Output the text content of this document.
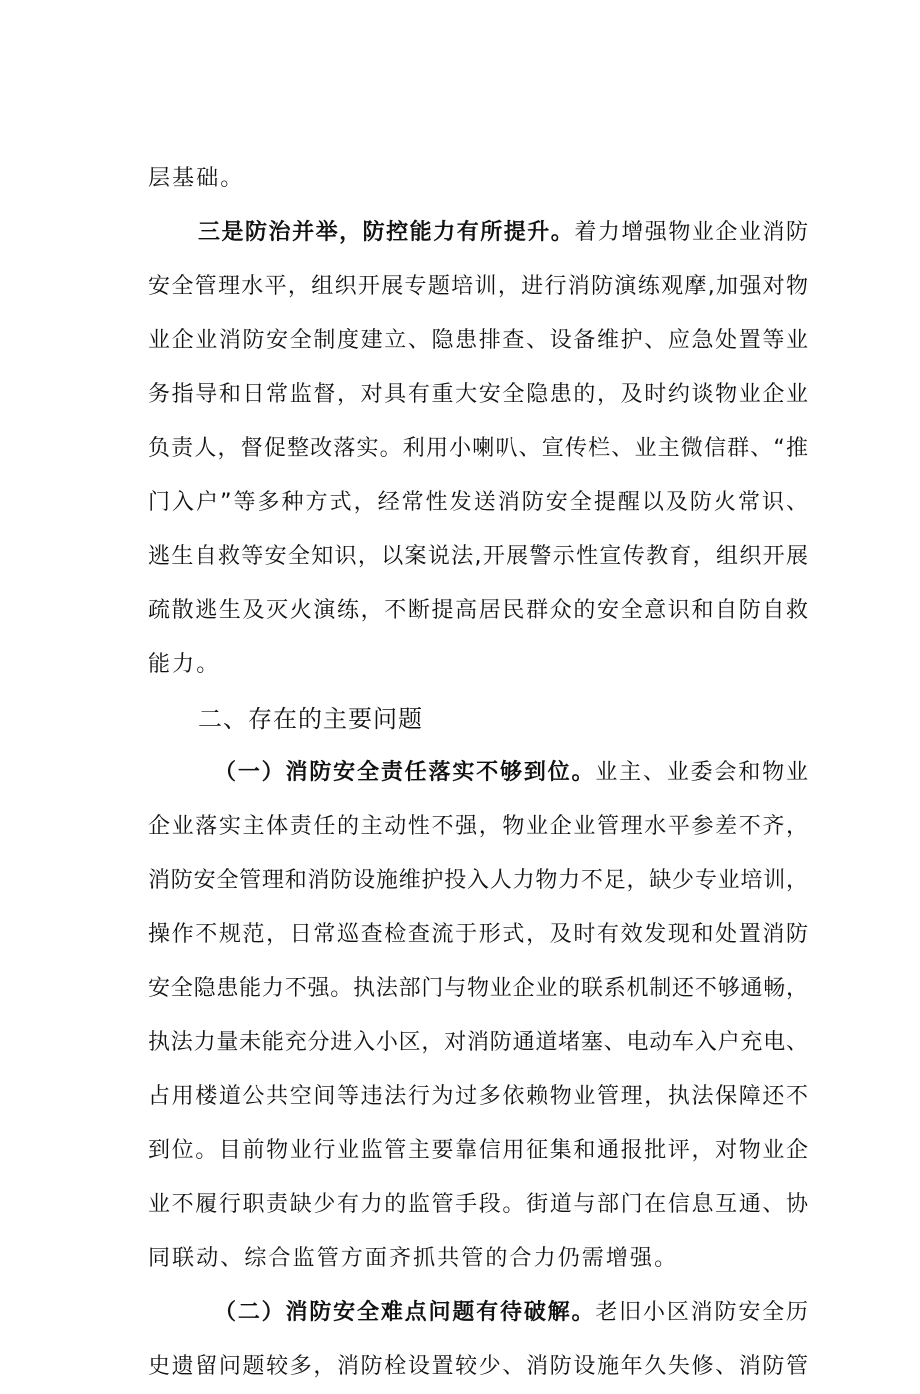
层基础。
三是防治并举，防控能力有所提升。着力增强物业企业消防
安全管理水平，组织开展专题培训，进行消防演练观摩,加强对物
业企业消防安全制度建立、隐患排查、设备维护、应急处置等业
务指导和日常监督，对具有重大安全隐患的，及时约谈物业企业
负责人，督促整改落实。利用小喇叭、宣传栏、业主微信群、“推
门入户”等多种方式，经常性发送消防安全提醒以及防火常识、
逃生自救等安全知识，以案说法,开展警示性宣传教育，组织开展
疏散逃生及灭火演练，不断提高居民群众的安全意识和自防自救
能力。
二、存在的主要问题
（一）消防安全责任落实不够到位。业主、业委会和物业
企业落实主体责任的主动性不强，物业企业管理水平参差不齐，
消防安全管理和消防设施维护投入人力物力不足，缺少专业培训，
操作不规范，日常巡查检查流于形式，及时有效发现和处置消防
安全隐患能力不强。执法部门与物业企业的联系机制还不够通畅，
执法力量未能充分进入小区，对消防通道堵塞、电动车入户充电、
占用楼道公共空间等违法行为过多依赖物业管理，执法保障还不
到位。目前物业行业监管主要靠信用征集和通报批评，对物业企
业不履行职责缺少有力的监管手段。街道与部门在信息互通、协
同联动、综合监管方面齐抓共管的合力仍需增强。
（二）消防安全难点问题有待破解。老旧小区消防安全历
史遗留问题较多，消防栓设置较少、消防设施年久失修、消防管
